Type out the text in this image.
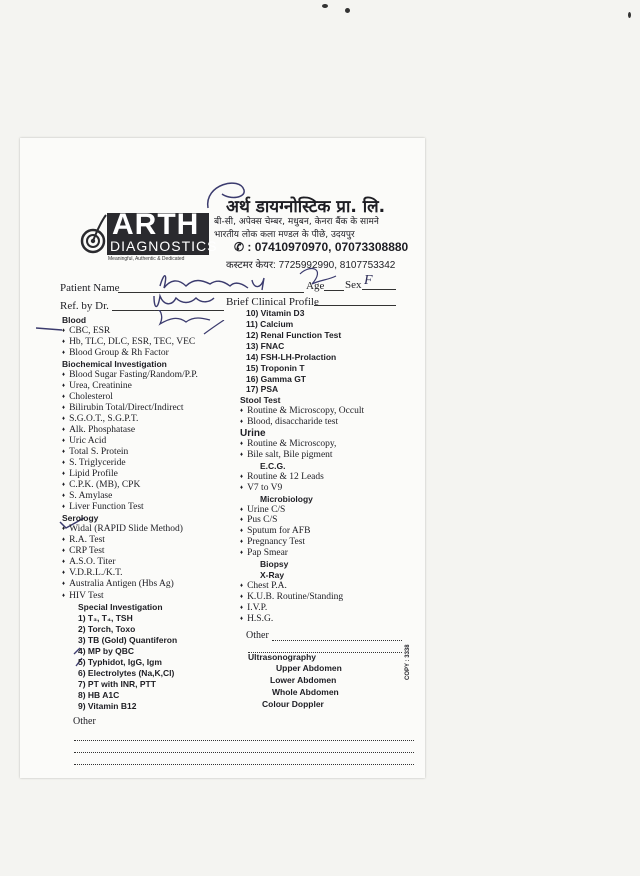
ARTH
DIAGNOSTICS
Meaningful, Authentic & Dedicated
अर्थ डायग्नोस्टिक प्रा. लि.
बी-सी, अपेक्स चेम्बर, मधुबन, केनरा बैंक के सामने
भारतीय लोक कला मण्डल के पीछे, उदयपुर
✆ : 07410970970, 07073308880
कस्टमर केयर: 7725992990, 8107753342
Patient Name	Age Sex F
Ref. by Dr.	Brief Clinical Profile
Blood
♦ CBC, ESR
♦ Hb, TLC, DLC, ESR, TEC, VEC
♦ Blood Group & Rh Factor
Biochemical Investigation
♦ Blood Sugar Fasting/Random/P.P.
♦ Urea, Creatinine
♦ Cholesterol
♦ Bilirubin Total/Direct/Indirect
♦ S.G.O.T., S.G.P.T.
♦ Alk. Phosphatase
♦ Uric Acid
♦ Total S. Protein
♦ S. Triglyceride
♦ Lipid Profile
♦ C.P.K. (MB), CPK
♦ S. Amylase
♦ Liver Function Test
Serology
♦ Widal (RAPID Slide Method)
♦ R.A. Test
♦ CRP Test
♦ A.S.O. Titer
♦ V.D.R.L./K.T.
♦ Australia Antigen (Hbs Ag)
♦ HIV Test
Special Investigation
1) T₃, T₄, TSH
2) Torch, Toxo
3) TB (Gold) Quantiferon
4) MP by QBC
5) Typhidot, IgG, Igm
6) Electrolytes (Na,K,Cl)
7) PT with INR, PTT
8) HB A1C
9) Vitamin B12
10) Vitamin D3
11) Calcium
12) Renal Function Test
13) FNAC
14) FSH-LH-Prolaction
15) Troponin T
16) Gamma GT
17) PSA
Stool Test
♦ Routine & Microscopy, Occult
♦ Blood, disaccharide test
Urine
♦ Routine & Microscopy,
♦ Bile salt, Bile pigment
E.C.G.
♦ Routine & 12 Leads
♦ V7 to V9
Microbiology
♦ Urine C/S
♦ Pus C/S
♦ Sputum for AFB
♦ Pregnancy Test
♦ Pap Smear
Biopsy
X-Ray
♦ Chest P.A.
♦ K.U.B. Routine/Standing
♦ I.V.P.
♦ H.S.G.
Other
Ultrasonography
Upper Abdomen
Lower Abdomen
Whole Abdomen
Colour Doppler
COPY : 3338
Other
